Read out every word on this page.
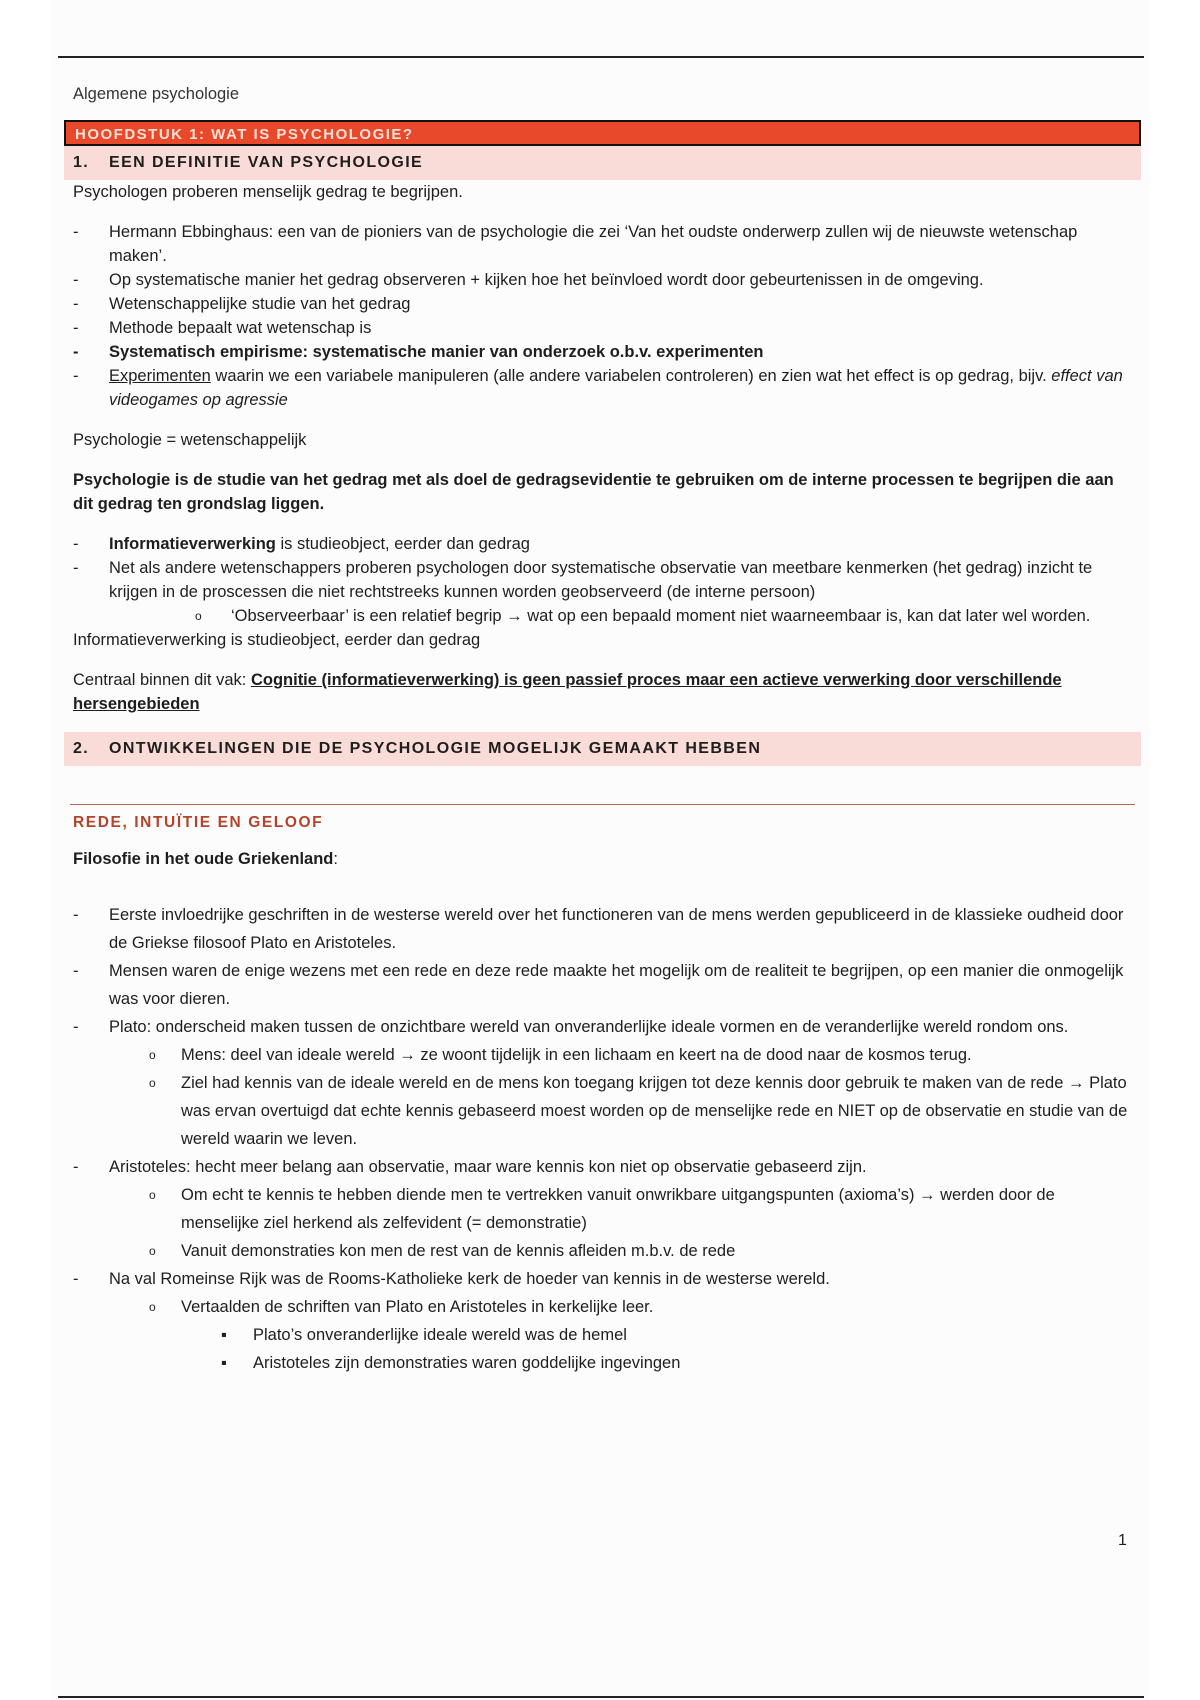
Algemene psychologie

HOOFDSTUK 1: WAT IS PSYCHOLOGIE?
1. EEN DEFINITIE VAN PSYCHOLOGIE

Psychologen proberen menselijk gedrag te begrijpen.

- Hermann Ebbinghaus: een van de pioniers van de psychologie die zei ‘Van het oudste onderwerp zullen wij de nieuwste wetenschap maken’.
- Op systematische manier het gedrag observeren + kijken hoe het beïnvloed wordt door gebeurtenissen in de omgeving.
- Wetenschappelijke studie van het gedrag
- Methode bepaalt wat wetenschap is
- Systematisch empirisme: systematische manier van onderzoek o.b.v. experimenten
- Experimenten waarin we een variabele manipuleren (alle andere variabelen controleren) en zien wat het effect is op gedrag, bijv. effect van videogames op agressie

Psychologie = wetenschappelijk

Psychologie is de studie van het gedrag met als doel de gedragsevidentie te gebruiken om de interne processen te begrijpen die aan dit gedrag ten grondslag liggen.

- Informatieverwerking is studieobject, eerder dan gedrag
- Net als andere wetenschappers proberen psychologen door systematische observatie van meetbare kenmerken (het gedrag) inzicht te krijgen in de proscessen die niet rechtstreeks kunnen worden geobserveerd (de interne persoon)
o ‘Observeerbaar’ is een relatief begrip → wat op een bepaald moment niet waarneembaar is, kan dat later wel worden.

Informatieverwerking is studieobject, eerder dan gedrag

Centraal binnen dit vak: Cognitie (informatieverwerking) is geen passief proces maar een actieve verwerking door verschillende hersengebieden

2. ONTWIKKELINGEN DIE DE PSYCHOLOGIE MOGELIJK GEMAAKT HEBBEN

REDE, INTUÏTIE EN GELOOF

Filosofie in het oude Griekenland:

- Eerste invloedrijke geschriften in de westerse wereld over het functioneren van de mens werden gepubliceerd in de klassieke oudheid door de Griekse filosoof Plato en Aristoteles.
- Mensen waren de enige wezens met een rede en deze rede maakte het mogelijk om de realiteit te begrijpen, op een manier die onmogelijk was voor dieren.
- Plato: onderscheid maken tussen de onzichtbare wereld van onveranderlijke ideale vormen en de veranderlijke wereld rondom ons.
o Mens: deel van ideale wereld → ze woont tijdelijk in een lichaam en keert na de dood naar de kosmos terug.
o Ziel had kennis van de ideale wereld en de mens kon toegang krijgen tot deze kennis door gebruik te maken van de rede → Plato was ervan overtuigd dat echte kennis gebaseerd moest worden op de menselijke rede en NIET op de observatie en studie van de wereld waarin we leven.
- Aristoteles: hecht meer belang aan observatie, maar ware kennis kon niet op observatie gebaseerd zijn.
o Om echt te kennis te hebben diende men te vertrekken vanuit onwrikbare uitgangspunten (axioma’s) → werden door de menselijke ziel herkend als zelfevident (= demonstratie)
o Vanuit demonstraties kon men de rest van de kennis afleiden m.b.v. de rede
- Na val Romeinse Rijk was de Rooms-Katholieke kerk de hoeder van kennis in de westerse wereld.
o Vertaalden de schriften van Plato en Aristoteles in kerkelijke leer.
▪ Plato’s onveranderlijke ideale wereld was de hemel
▪ Aristoteles zijn demonstraties waren goddelijke ingevingen
1
